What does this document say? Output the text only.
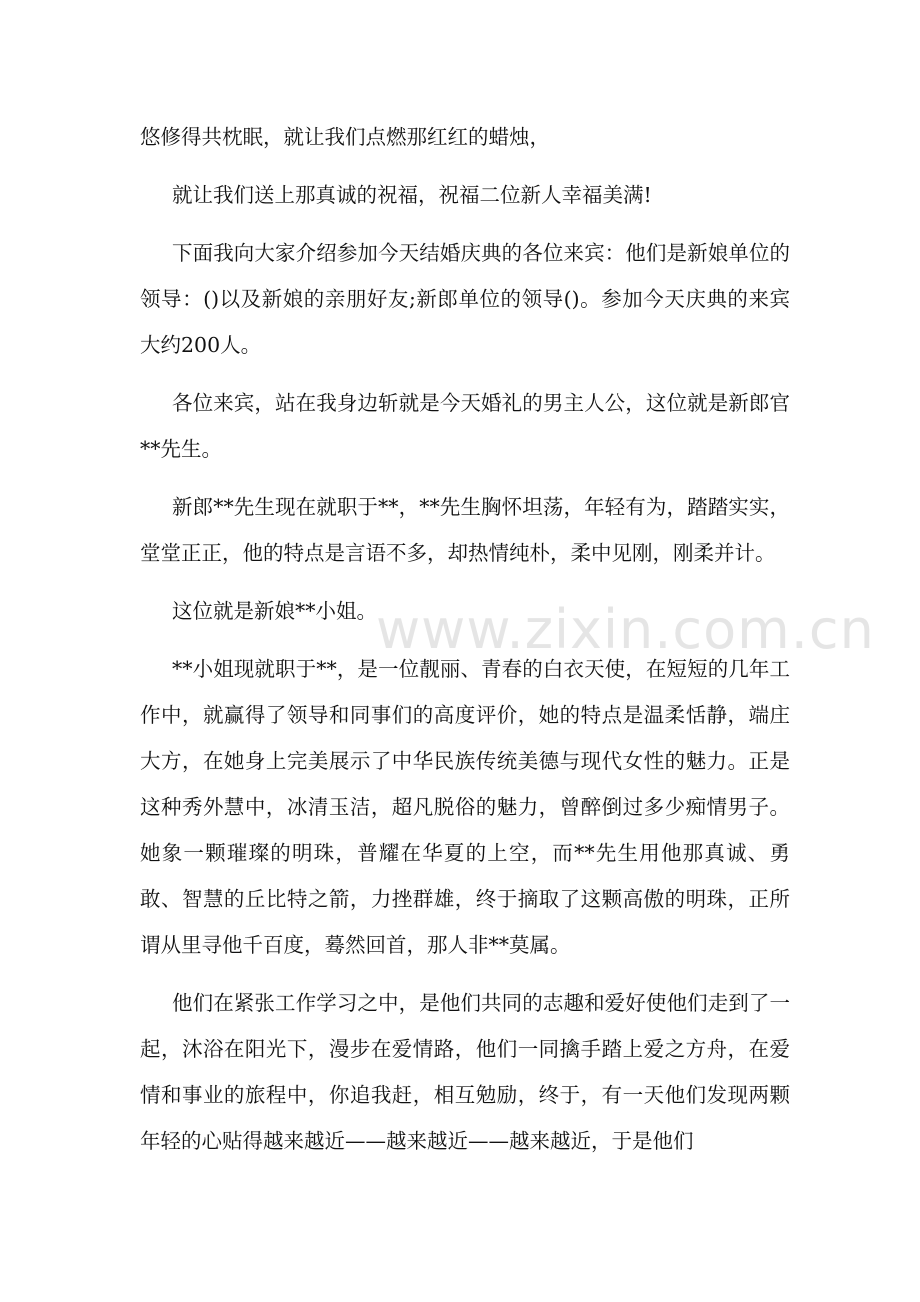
悠修得共枕眠，就让我们点燃那红红的蜡烛，

就让我们送上那真诚的祝福，祝福二位新人幸福美满!

下面我向大家介绍参加今天结婚庆典的各位来宾：他们是新娘单位的领导：()以及新娘的亲朋好友;新郎单位的领导()。参加今天庆典的来宾大约200人。

各位来宾，站在我身边斩就是今天婚礼的男主人公，这位就是新郎官**先生。

新郎**先生现在就职于**，**先生胸怀坦荡，年轻有为，踏踏实实，堂堂正正，他的特点是言语不多，却热情纯朴，柔中见刚，刚柔并计。

这位就是新娘**小姐。

**小姐现就职于**，是一位靓丽、青春的白衣天使，在短短的几年工作中，就赢得了领导和同事们的高度评价，她的特点是温柔恬静，端庄大方，在她身上完美展示了中华民族传统美德与现代女性的魅力。正是这种秀外慧中，冰清玉洁，超凡脱俗的魅力，曾醉倒过多少痴情男子。她象一颗璀璨的明珠，普耀在华夏的上空，而**先生用他那真诚、勇敢、智慧的丘比特之箭，力挫群雄，终于摘取了这颗高傲的明珠，正所谓从里寻他千百度，蓦然回首，那人非**莫属。

他们在紧张工作学习之中，是他们共同的志趣和爱好使他们走到了一起，沐浴在阳光下，漫步在爱情路，他们一同擒手踏上爱之方舟，在爱情和事业的旅程中，你追我赶，相互勉励，终于，有一天他们发现两颗年轻的心贴得越来越近——越来越近——越来越近，于是他们

www.zixin.com.cn
